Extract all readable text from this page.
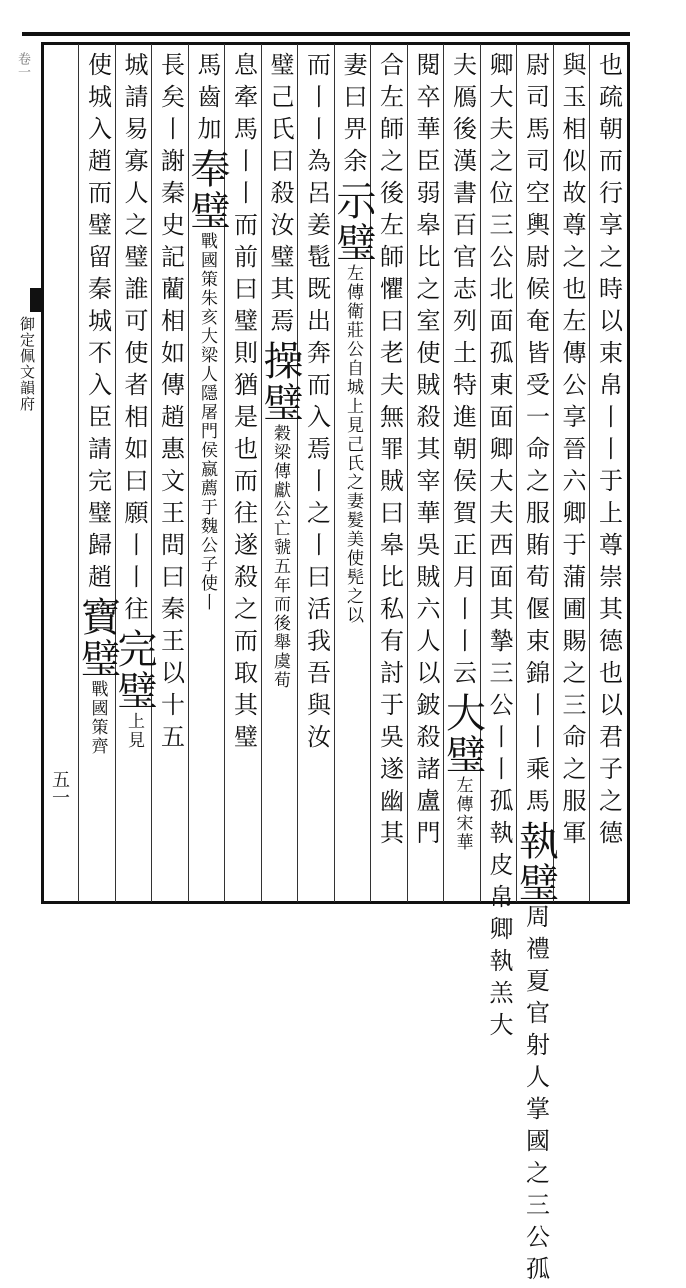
卷一
御定佩文韻府
五一	也疏朝而行享之時以束帛丨丨于上尊崇其德也以君子之德
與玉相似故尊之也左傳公享晉六卿于蒲圃賜之三命之服軍
尉司馬司空輿尉候奄皆受一命之服賄荀偃束錦丨丨乘馬執璧周禮夏官射人掌國之三公孤
卿大夫之位三公北面孤東面卿大夫西面其摯三公丨丨孤執皮帛卿執羔大
夫鴈後漢書百官志列土特進朝侯賀正月丨丨云大璧左傳宋華
閱卒華臣弱皋比之室使賊殺其宰華吳賊六人以鈹殺諸盧門
合左師之後左師懼曰老夫無罪賊曰皋比私有討于吳遂幽其
妻曰畀余示璧左傳衛莊公自城上見己氏之妻髮美使髡之以
而丨丨為呂姜髢既出奔而入焉丨之丨曰活我吾與汝
璧己氏曰殺汝璧其焉操璧穀梁傳獻公亡虢五年而後舉虞荀
息牽馬丨丨而前曰璧則猶是也而往遂殺之而取其璧
馬齒加奉璧戰國策朱亥大梁人隱屠門侯嬴薦于魏公子使丨
長矣丨謝秦史記藺相如傳趙惠文王問曰秦王以十五
城請易寡人之璧誰可使者相如曰願丨丨往完璧上見
使城入趙而璧留秦城不入臣請完璧歸趙寶璧戰國策齊
